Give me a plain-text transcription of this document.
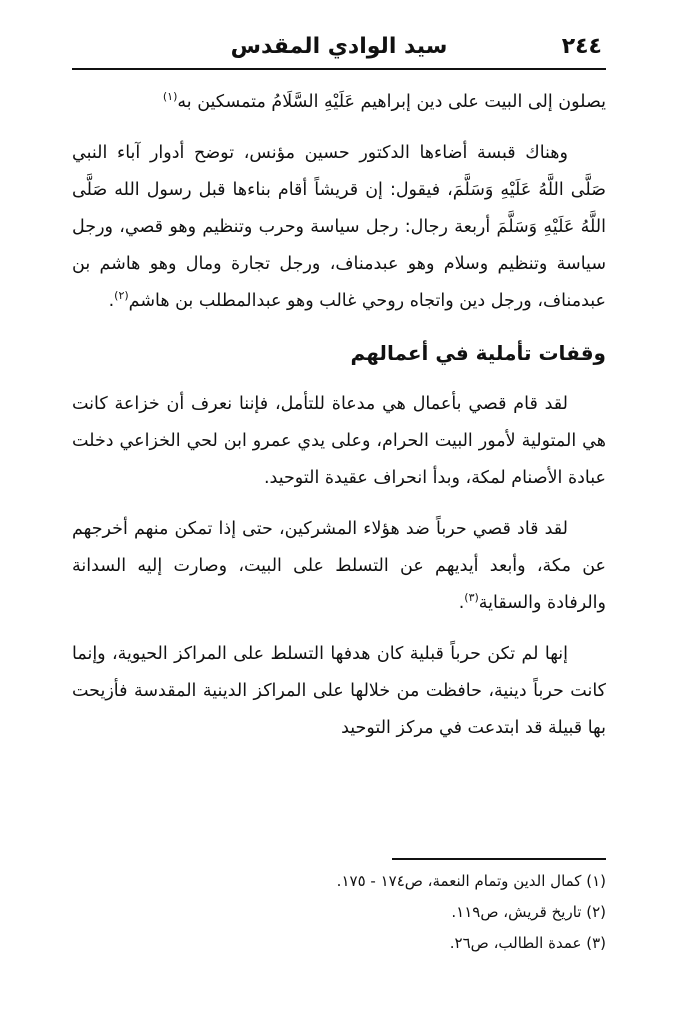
٢٤٤
سيد الوادي المقدس

يصلون إلى البيت على دين إبراهيم عَلَيْهِ السَّلَامُ متمسكين به$^{(١)}$

وهناك قبسة أضاءها الدكتور حسين مؤنس، توضح أدوار آباء النبي صَلَّى اللَّهُ عَلَيْهِ وَسَلَّمَ، فيقول: إن قريشاً أقام بناءها قبل رسول الله صَلَّى اللَّهُ عَلَيْهِ وَسَلَّمَ أربعة رجال: رجل سياسة وحرب وتنظيم وهو قصي، ورجل سياسة وتنظيم وسلام وهو عبدمناف، ورجل تجارة ومال وهو هاشم بن عبدمناف، ورجل دين واتجاه روحي غالب وهو عبدالمطلب بن هاشم$^{(٢)}$.

وقفات تأملية في أعمالهم

لقد قام قصي بأعمال هي مدعاة للتأمل، فإننا نعرف أن خزاعة كانت هي المتولية لأمور البيت الحرام، وعلى يدي عمرو ابن لحي الخزاعي دخلت عبادة الأصنام لمكة، وبدأ انحراف عقيدة التوحيد.

لقد قاد قصي حرباً ضد هؤلاء المشركين، حتى إذا تمكن منهم أخرجهم عن مكة، وأبعد أيديهم عن التسلط على البيت، وصارت إليه السدانة والرفادة والسقاية$^{(٣)}$.

إنها لم تكن حرباً قبلية كان هدفها التسلط على المراكز الحيوية، وإنما كانت حرباً دينية، حافظت من خلالها على المراكز الدينية المقدسة فأزيحت بها قبيلة قد ابتدعت في مركز التوحيد

(١) كمال الدين وتمام النعمة، ص١٧٤ - ١٧٥.
(٢) تاريخ قريش، ص١١٩.
(٣) عمدة الطالب، ص٢٦.
